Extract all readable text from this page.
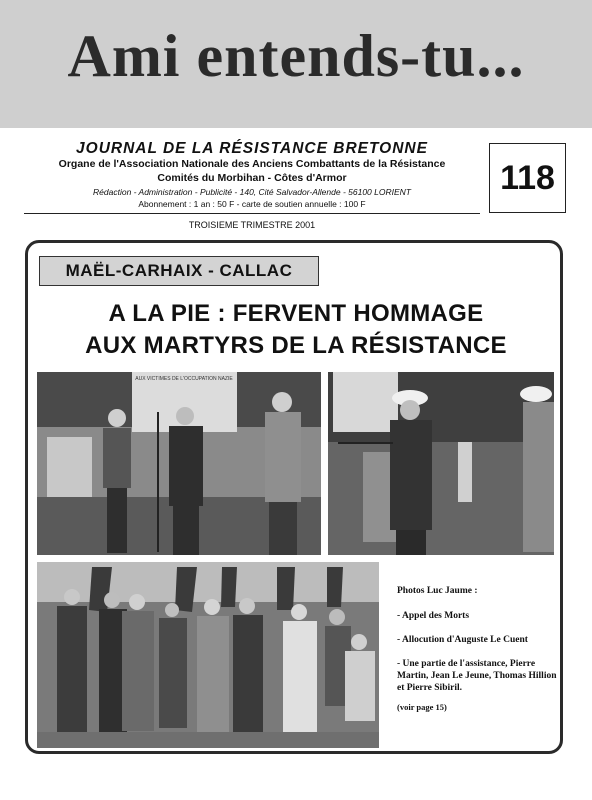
Ami entends-tu...
JOURNAL DE LA RÉSISTANCE BRETONNE
Organe de l'Association Nationale des Anciens Combattants de la Résistance
Comités du Morbihan - Côtes d'Armor
Rédaction - Administration - Publicité - 140, Cité Salvador-Allende - 56100 LORIENT
Abonnement : 1 an : 50 F - carte de soutien annuelle : 100 F
118
TROISIEME TRIMESTRE 2001
MAËL-CARHAIX - CALLAC
A LA PIE : FERVENT HOMMAGE
AUX MARTYRS DE LA RÉSISTANCE
AUX VICTIMES DE L'OCCUPATION NAZIE
Photos Luc Jaume :
- Appel des Morts
- Allocution d'Auguste Le Cuent
- Une partie de l'assistance, Pierre Martin, Jean Le Jeune, Thomas Hillion et Pierre Sibiril.
(voir page 15)
